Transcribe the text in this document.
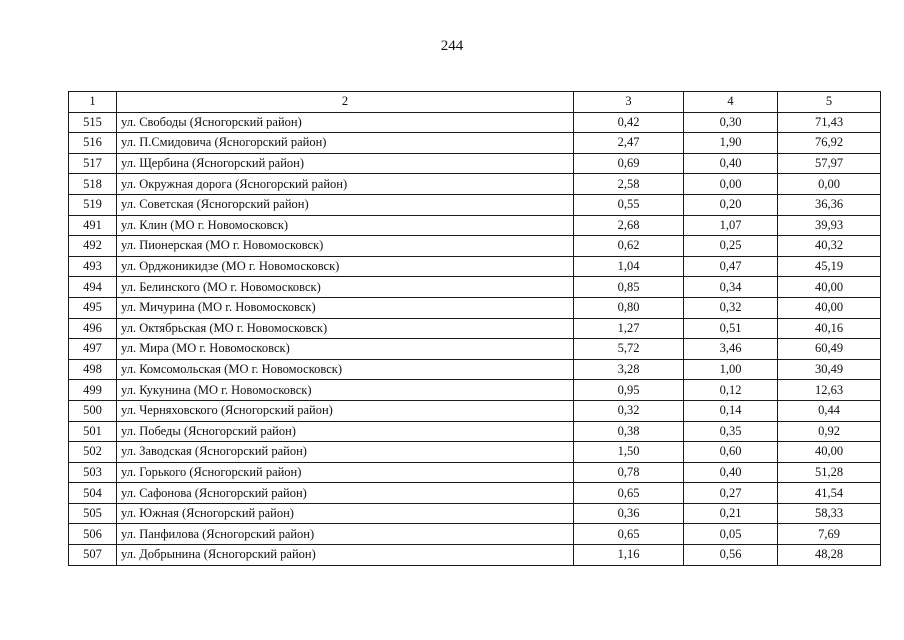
244
1	2	3	4	5
515	ул. Свободы (Ясногорский район)	0,42	0,30	71,43
516	ул. П.Смидовича (Ясногорский район)	2,47	1,90	76,92
517	ул. Щербина (Ясногорский район)	0,69	0,40	57,97
518	ул. Окружная дорога (Ясногорский район)	2,58	0,00	0,00
519	ул. Советская (Ясногорский район)	0,55	0,20	36,36
491	ул. Клин (МО г. Новомосковск)	2,68	1,07	39,93
492	ул. Пионерская (МО г. Новомосковск)	0,62	0,25	40,32
493	ул. Орджоникидзе (МО г. Новомосковск)	1,04	0,47	45,19
494	ул. Белинского (МО г. Новомосковск)	0,85	0,34	40,00
495	ул. Мичурина (МО г. Новомосковск)	0,80	0,32	40,00
496	ул. Октябрьская (МО г. Новомосковск)	1,27	0,51	40,16
497	ул. Мира (МО г. Новомосковск)	5,72	3,46	60,49
498	ул. Комсомольская (МО г. Новомосковск)	3,28	1,00	30,49
499	ул. Кукунина (МО г. Новомосковск)	0,95	0,12	12,63
500	ул. Черняховского (Ясногорский район)	0,32	0,14	0,44
501	ул. Победы (Ясногорский район)	0,38	0,35	0,92
502	ул. Заводская (Ясногорский район)	1,50	0,60	40,00
503	ул. Горького (Ясногорский район)	0,78	0,40	51,28
504	ул. Сафонова (Ясногорский район)	0,65	0,27	41,54
505	ул. Южная (Ясногорский район)	0,36	0,21	58,33
506	ул. Панфилова (Ясногорский район)	0,65	0,05	7,69
507	ул. Добрынина (Ясногорский район)	1,16	0,56	48,28
